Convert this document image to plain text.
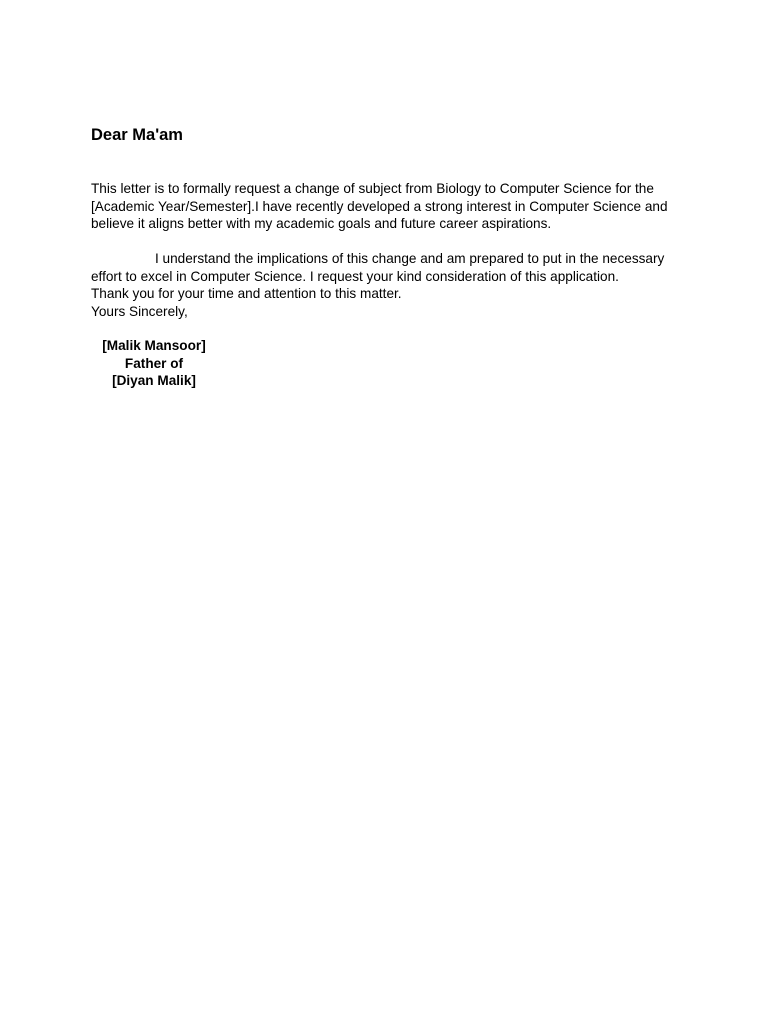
Dear Ma'am

This letter is to formally request a change of subject from Biology to Computer Science for the
[Academic Year/Semester].I have recently developed a strong interest in Computer Science and
believe it aligns better with my academic goals and future career aspirations.

I understand the implications of this change and am prepared to put in the necessary
effort to excel in Computer Science. I request your kind consideration of this application.
Thank you for your time and attention to this matter.
Yours Sincerely,

[Malik Mansoor]
Father of
[Diyan Malik]
